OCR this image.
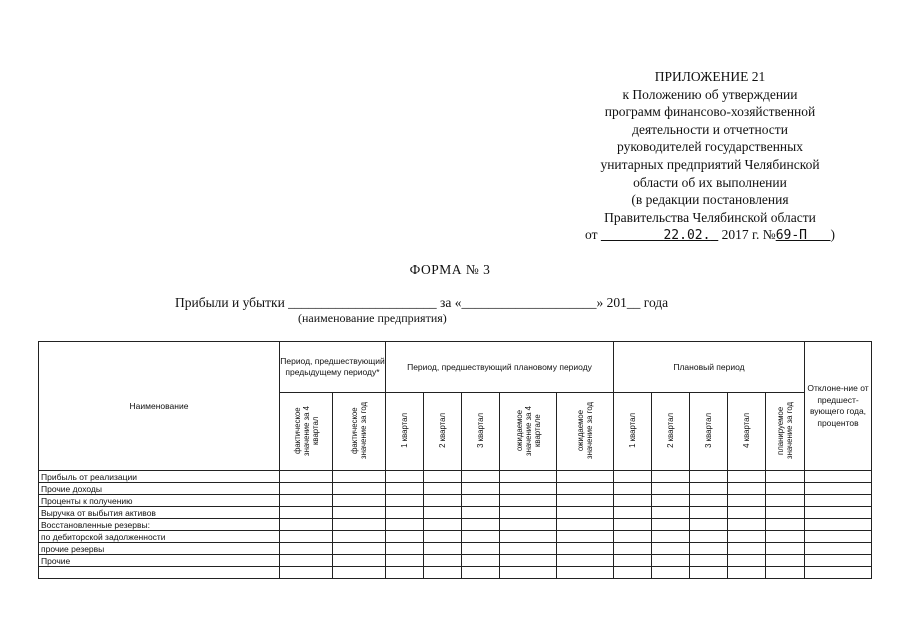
ПРИЛОЖЕНИЕ 21
к Положению об утверждении
программ финансово-хозяйственной
деятельности и отчетности
руководителей государственных
унитарных предприятий Челябинской
области об их выполнении
(в редакции постановления
Правительства Челябинской области
от	22.02. 2017 г. №69-П )
ФОРМА № 3
Прибыли и убытки ______________________ за «____________________» 201__ года
(наименование предприятия)
Наименование	Период, предшествующий предыдущему периоду*		Период, предшествующий плановому периоду					Плановый период					Отклоне-ние от предшест-вующего года, процентов
	фактическое значение за 4 квартал	фактическое значение за год	1 квартал	2 квартал	3 квартал	ожидаемое значение за 4 квартале	ожидаемое значение за год	1 квартал	2 квартал	3 квартал	4 квартал	планируемое значение за год	
Прибыль от реализации													
Прочие доходы													
Проценты к получению													
Выручка от выбытия активов													
Восстановленные резервы:													
по дебиторской задолженности													
прочие резервы													
Прочие													
